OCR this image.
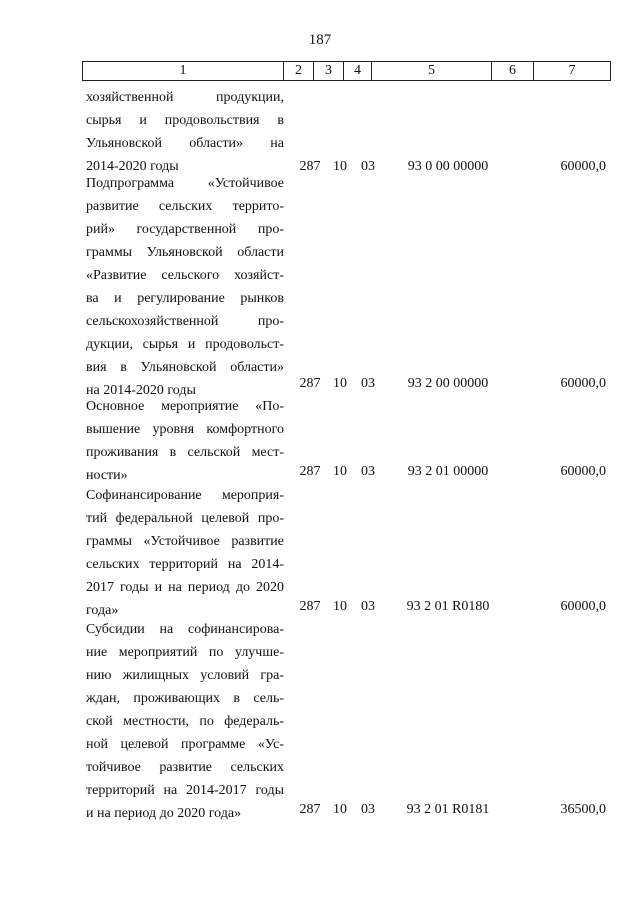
187
1	2	3	4	5	6	7
хозяйственной продукции,
сырья и продовольствия в
Ульяновской области» на
2014-2020 годы	287 10 03	93 0 00 00000	60000,0
Подпрограмма «Устойчивое
развитие сельских террито-
рий» государственной про-
граммы Ульяновской области
«Развитие сельского хозяйст-
ва и регулирование рынков
сельскохозяйственной про-
дукции, сырья и продовольст-
вия в Ульяновской области»
на 2014-2020 годы	287 10 03	93 2 00 00000	60000,0
Основное мероприятие «По-
вышение уровня комфортного
проживания в сельской мест-
ности»	287 10 03	93 2 01 00000	60000,0
Софинансирование мероприя-
тий федеральной целевой про-
граммы «Устойчивое развитие
сельских территорий на 2014-
2017 годы и на период до 2020
года»	287 10 03	93 2 01 R0180	60000,0
Субсидии на софинансирова-
ние мероприятий по улучше-
нию жилищных условий гра-
ждан, проживающих в сель-
ской местности, по федераль-
ной целевой программе «Ус-
тойчивое развитие сельских
территорий на 2014-2017 годы
и на период до 2020 года»	287 10 03	93 2 01 R0181	36500,0
